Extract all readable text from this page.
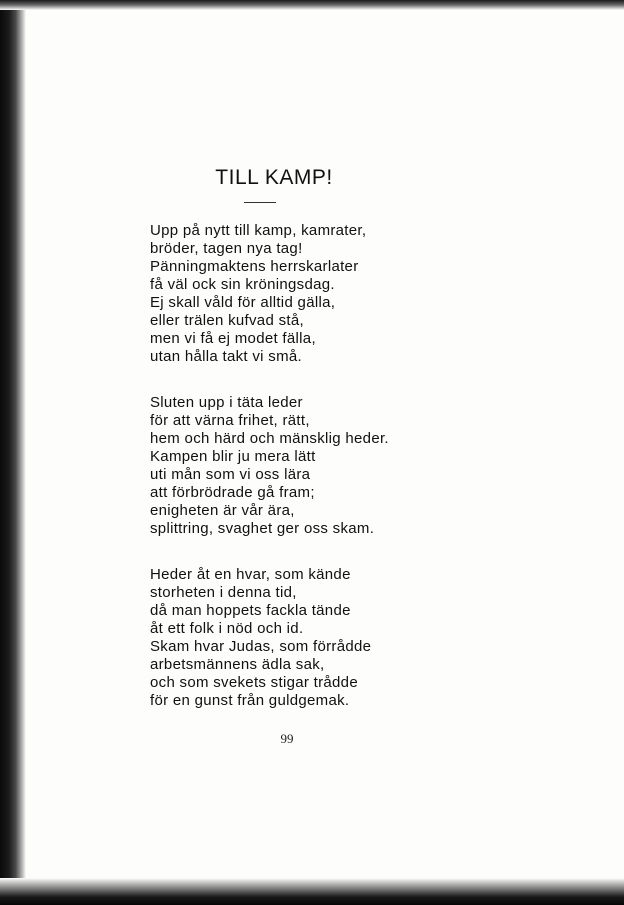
TILL KAMP!
Upp på nytt till kamp, kamrater,
bröder, tagen nya tag!
Pänningmaktens herrskarlater
få väl ock sin kröningsdag.
Ej skall våld för alltid gälla,
eller trälen kufvad stå,
men vi få ej modet fälla,
utan hålla takt vi små.
Sluten upp i täta leder
för att värna frihet, rätt,
hem och härd och mänsklig heder.
Kampen blir ju mera lätt
uti mån som vi oss lära
att förbrödrade gå fram;
enigheten är vår ära,
splittring, svaghet ger oss skam.
Heder åt en hvar, som kände
storheten i denna tid,
då man hoppets fackla tände
åt ett folk i nöd och id.
Skam hvar Judas, som förrådde
arbetsmännens ädla sak,
och som svekets stigar trådde
för en gunst från guldgemak.
99
